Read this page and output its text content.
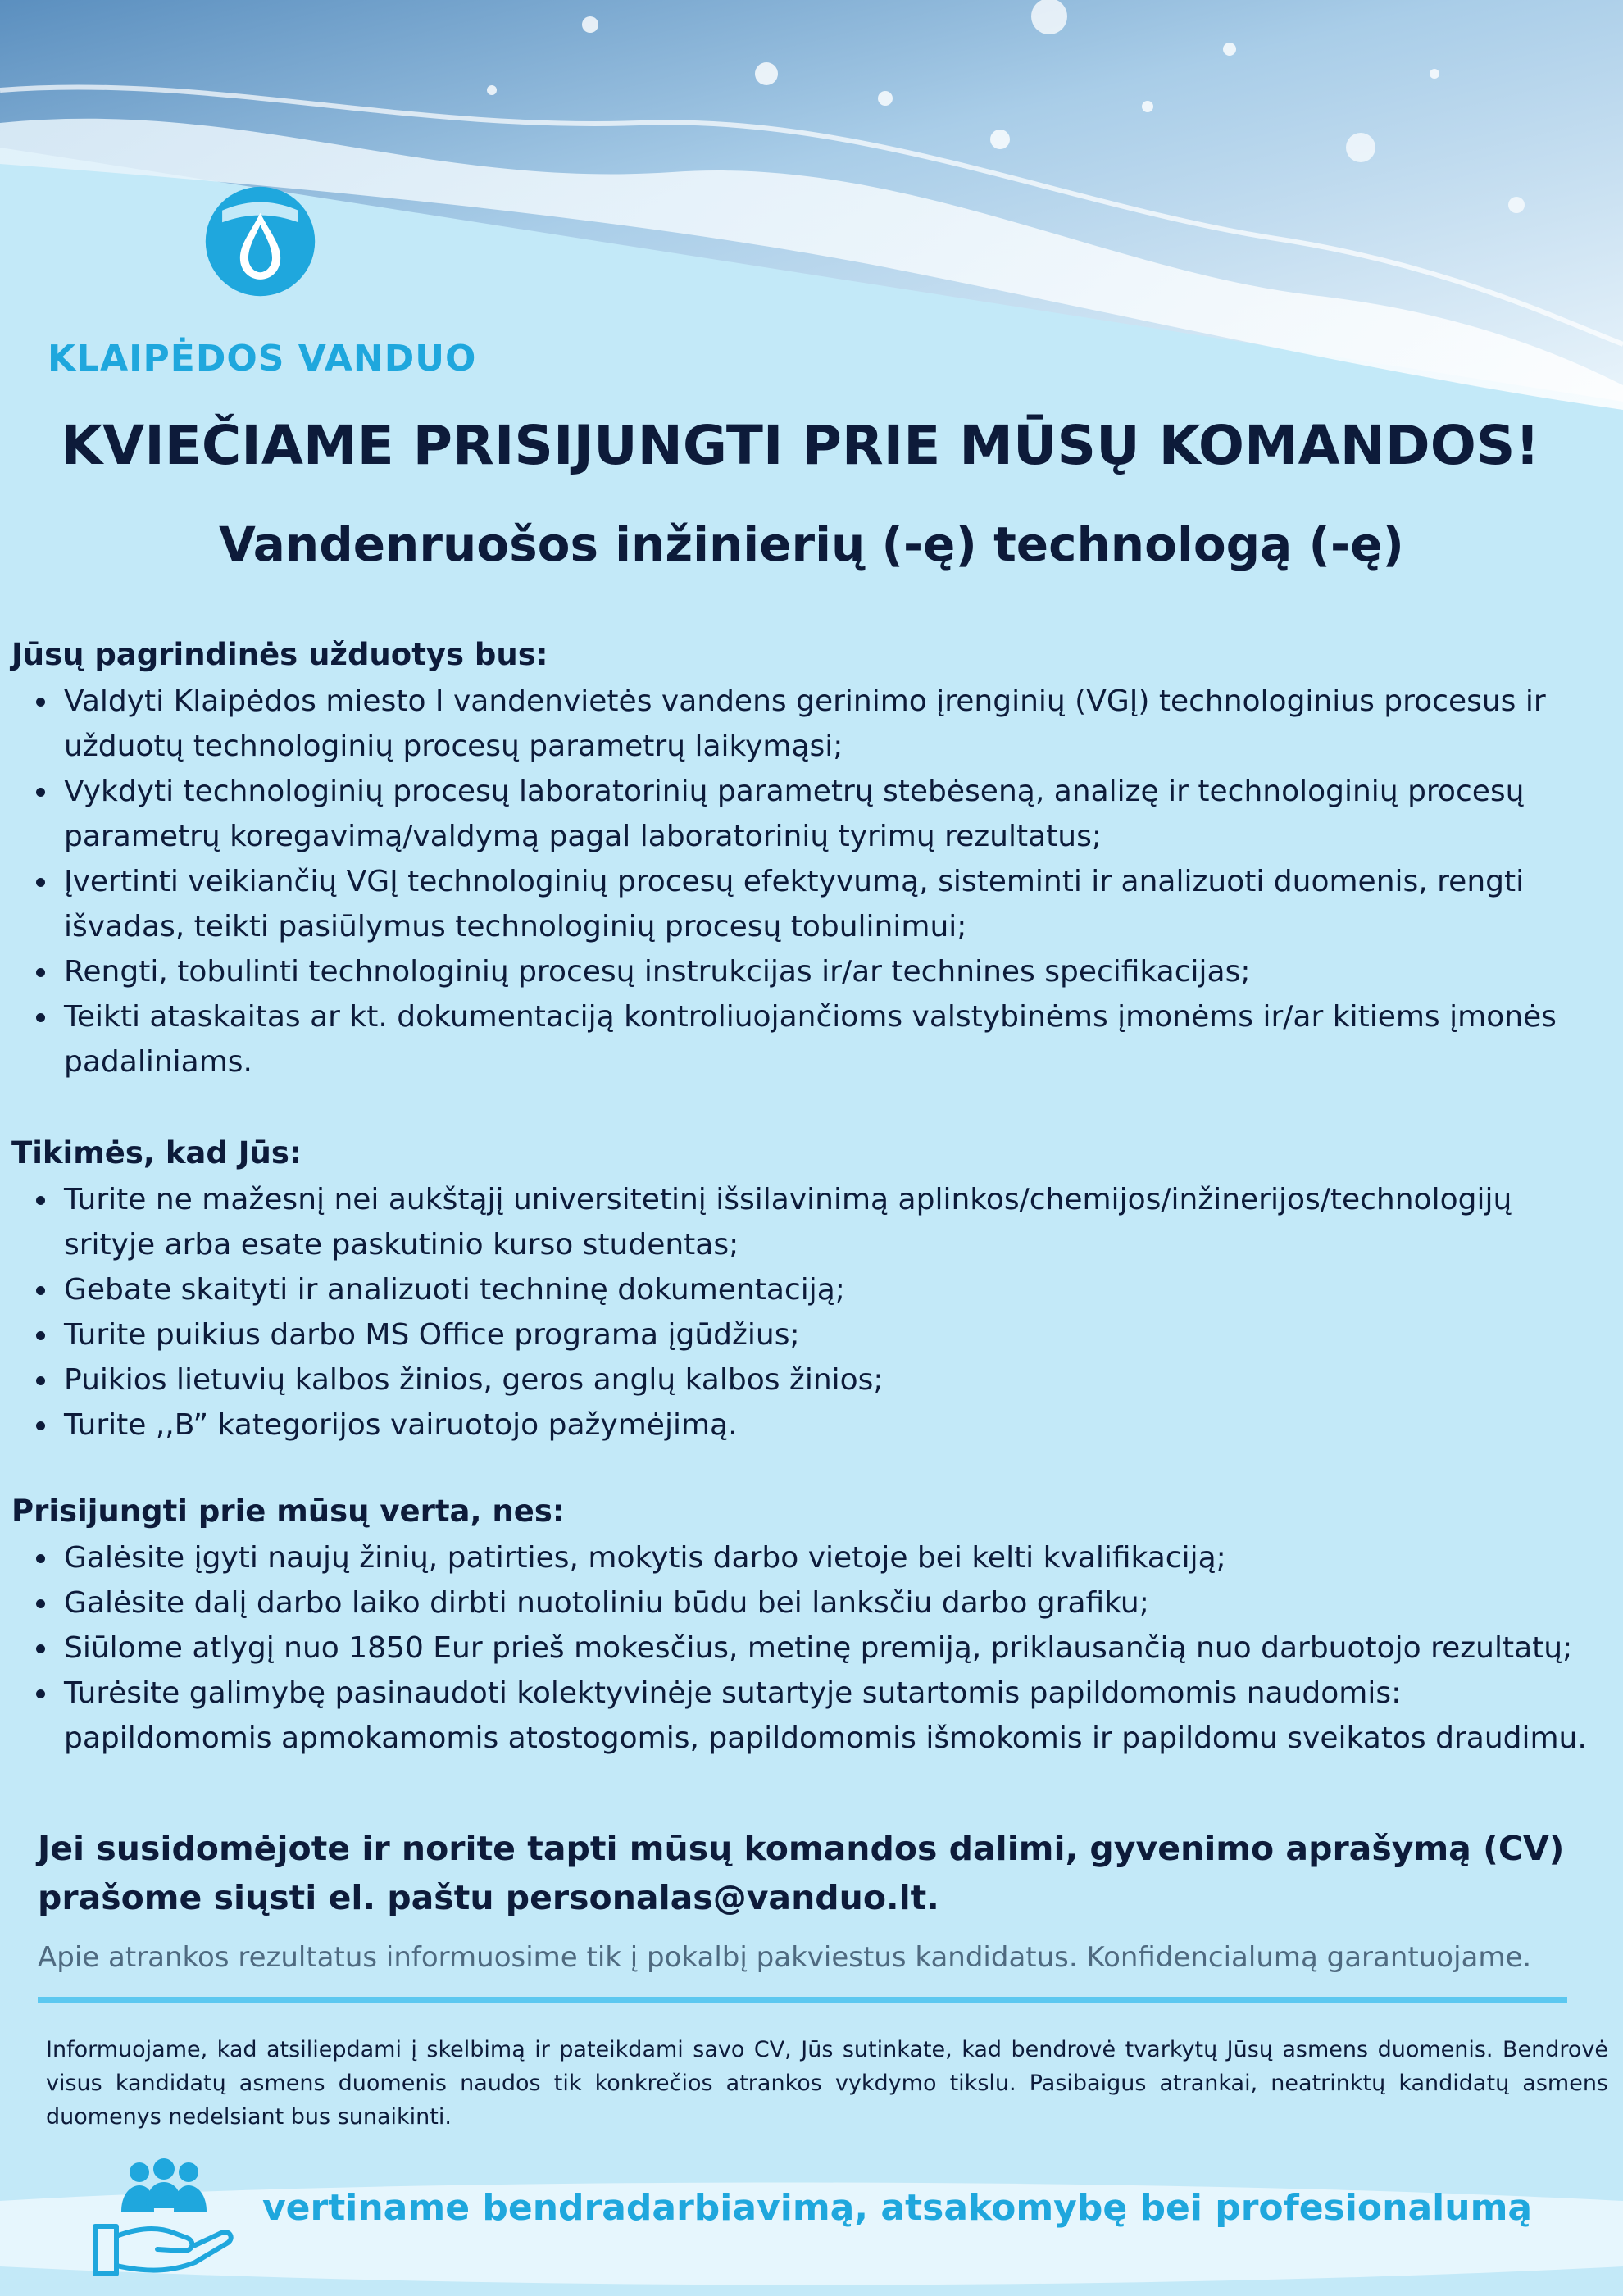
KLAIPĖDOS VANDUO
KVIEČIAME PRISIJUNGTI PRIE MŪSŲ KOMANDOS!
Vandenruošos inžinierių (-ę) technologą (-ę)
Jūsų pagrindinės užduotys bus:
Valdyti Klaipėdos miesto I vandenvietės vandens gerinimo įrenginių (VGĮ) technologinius procesus ir užduotų technologinių procesų parametrų laikymąsi;
Vykdyti technologinių procesų laboratorinių parametrų stebėseną, analizę ir technologinių procesų parametrų koregavimą/valdymą pagal laboratorinių tyrimų rezultatus;
Įvertinti veikiančių VGĮ technologinių procesų efektyvumą, sisteminti ir analizuoti duomenis, rengti išvadas, teikti pasiūlymus technologinių procesų tobulinimui;
Rengti, tobulinti technologinių procesų instrukcijas ir/ar technines specifikacijas;
Teikti ataskaitas ar kt. dokumentaciją kontroliuojančioms valstybinėms įmonėms ir/ar kitiems įmonės padaliniams.
Tikimės, kad Jūs:
Turite ne mažesnį nei aukštąjį universitetinį išsilavinimą aplinkos/chemijos/inžinerijos/technologijų srityje arba esate paskutinio kurso studentas;
Gebate skaityti ir analizuoti techninę dokumentaciją;
Turite puikius darbo MS Office programa įgūdžius;
Puikios lietuvių kalbos žinios, geros anglų kalbos žinios;
Turite ,,B” kategorijos vairuotojo pažymėjimą.
Prisijungti prie mūsų verta, nes:
Galėsite įgyti naujų žinių, patirties, mokytis darbo vietoje bei kelti kvalifikaciją;
Galėsite dalį darbo laiko dirbti nuotoliniu būdu bei lanksčiu darbo grafiku;
Siūlome atlygį nuo 1850 Eur prieš mokesčius, metinę premiją, priklausančią nuo darbuotojo rezultatų;
Turėsite galimybę pasinaudoti kolektyvinėje sutartyje sutartomis papildomomis naudomis: papildomomis apmokamomis atostogomis, papildomomis išmokomis ir papildomu sveikatos draudimu.
Jei susidomėjote ir norite tapti mūsų komandos dalimi, gyvenimo aprašymą (CV) prašome siųsti el. paštu personalas@vanduo.lt.
Apie atrankos rezultatus informuosime tik į pokalbį pakviestus kandidatus. Konfidencialumą garantuojame.
Informuojame, kad atsiliepdami į skelbimą ir pateikdami savo CV, Jūs sutinkate, kad bendrovė tvarkytų Jūsų asmens duomenis. Bendrovė visus kandidatų asmens duomenis naudos tik konkrečios atrankos vykdymo tikslu. Pasibaigus atrankai, neatrinktų kandidatų asmens duomenys nedelsiant bus sunaikinti.
vertiname bendradarbiavimą, atsakomybę bei profesionalumą
